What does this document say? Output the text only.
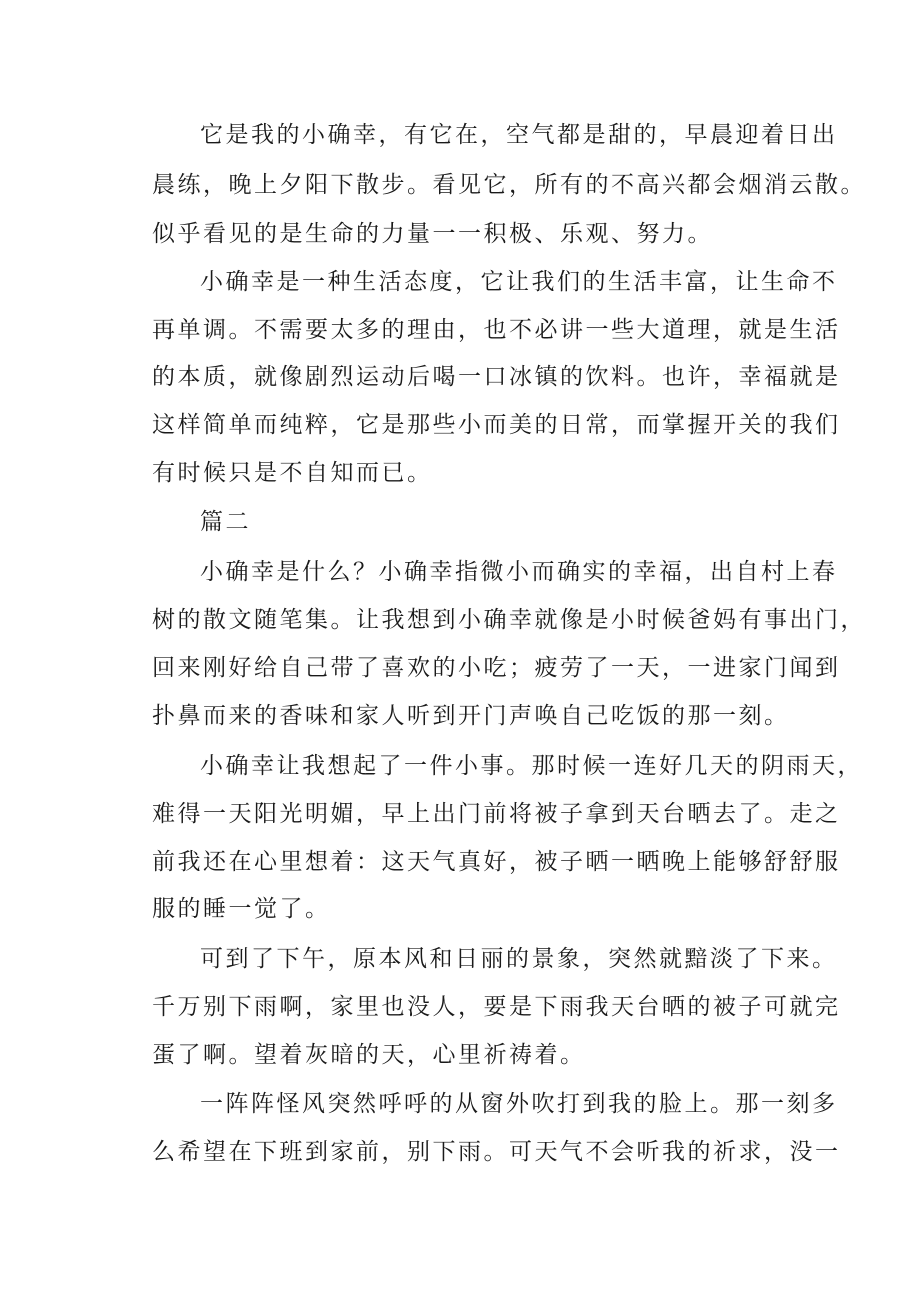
它是我的小确幸，有它在，空气都是甜的，早晨迎着日出
晨练，晚上夕阳下散步。看见它，所有的不高兴都会烟消云散。
似乎看见的是生命的力量一一积极、乐观、努力。
小确幸是一种生活态度，它让我们的生活丰富，让生命不
再单调。不需要太多的理由，也不必讲一些大道理，就是生活
的本质，就像剧烈运动后喝一口冰镇的饮料。也许，幸福就是
这样简单而纯粹，它是那些小而美的日常，而掌握开关的我们
有时候只是不自知而已。
篇二
小确幸是什么？小确幸指微小而确实的幸福，出自村上春
树的散文随笔集。让我想到小确幸就像是小时候爸妈有事出门，
回来刚好给自己带了喜欢的小吃；疲劳了一天，一进家门闻到
扑鼻而来的香味和家人听到开门声唤自己吃饭的那一刻。
小确幸让我想起了一件小事。那时候一连好几天的阴雨天，
难得一天阳光明媚，早上出门前将被子拿到天台晒去了。走之
前我还在心里想着：这天气真好，被子晒一晒晚上能够舒舒服
服的睡一觉了。
可到了下午，原本风和日丽的景象，突然就黯淡了下来。
千万别下雨啊，家里也没人，要是下雨我天台晒的被子可就完
蛋了啊。望着灰暗的天，心里祈祷着。
一阵阵怪风突然呼呼的从窗外吹打到我的脸上。那一刻多
么希望在下班到家前，别下雨。可天气不会听我的祈求，没一
